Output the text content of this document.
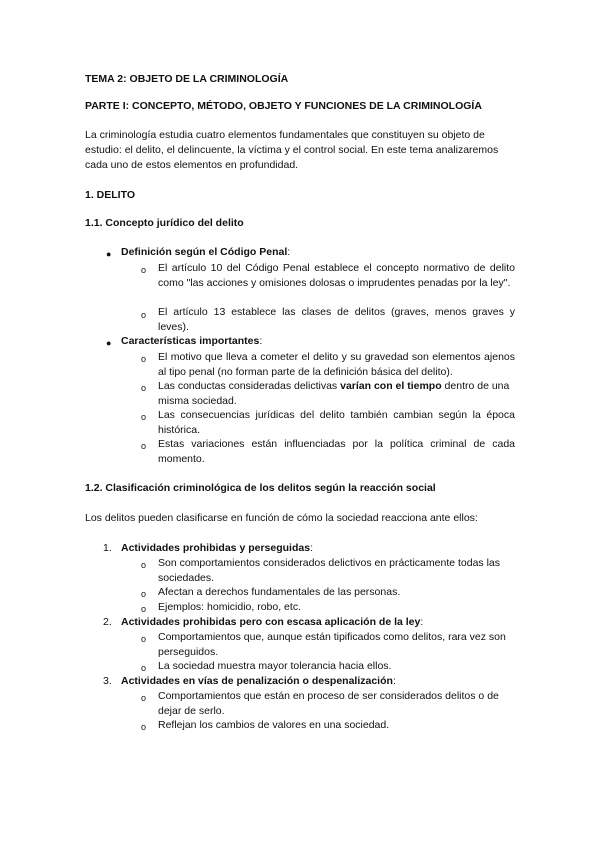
TEMA 2: OBJETO DE LA CRIMINOLOGÍA
PARTE I: CONCEPTO, MÉTODO, OBJETO Y FUNCIONES DE LA CRIMINOLOGÍA
La criminología estudia cuatro elementos fundamentales que constituyen su objeto de estudio: el delito, el delincuente, la víctima y el control social. En este tema analizaremos cada uno de estos elementos en profundidad.
1. DELITO
1.1. Concepto jurídico del delito
● Definición según el Código Penal:
o El artículo 10 del Código Penal establece el concepto normativo de delito como "las acciones y omisiones dolosas o imprudentes penadas por la ley".
o El artículo 13 establece las clases de delitos (graves, menos graves y leves).
● Características importantes:
o El motivo que lleva a cometer el delito y su gravedad son elementos ajenos al tipo penal (no forman parte de la definición básica del delito).
o Las conductas consideradas delictivas varían con el tiempo dentro de una misma sociedad.
o Las consecuencias jurídicas del delito también cambian según la época histórica.
o Estas variaciones están influenciadas por la política criminal de cada momento.
1.2. Clasificación criminológica de los delitos según la reacción social
Los delitos pueden clasificarse en función de cómo la sociedad reacciona ante ellos:
1. Actividades prohibidas y perseguidas:
o Son comportamientos considerados delictivos en prácticamente todas las sociedades.
o Afectan a derechos fundamentales de las personas.
o Ejemplos: homicidio, robo, etc.
2. Actividades prohibidas pero con escasa aplicación de la ley:
o Comportamientos que, aunque están tipificados como delitos, rara vez son perseguidos.
o La sociedad muestra mayor tolerancia hacia ellos.
3. Actividades en vías de penalización o despenalización:
o Comportamientos que están en proceso de ser considerados delitos o de dejar de serlo.
o Reflejan los cambios de valores en una sociedad.
